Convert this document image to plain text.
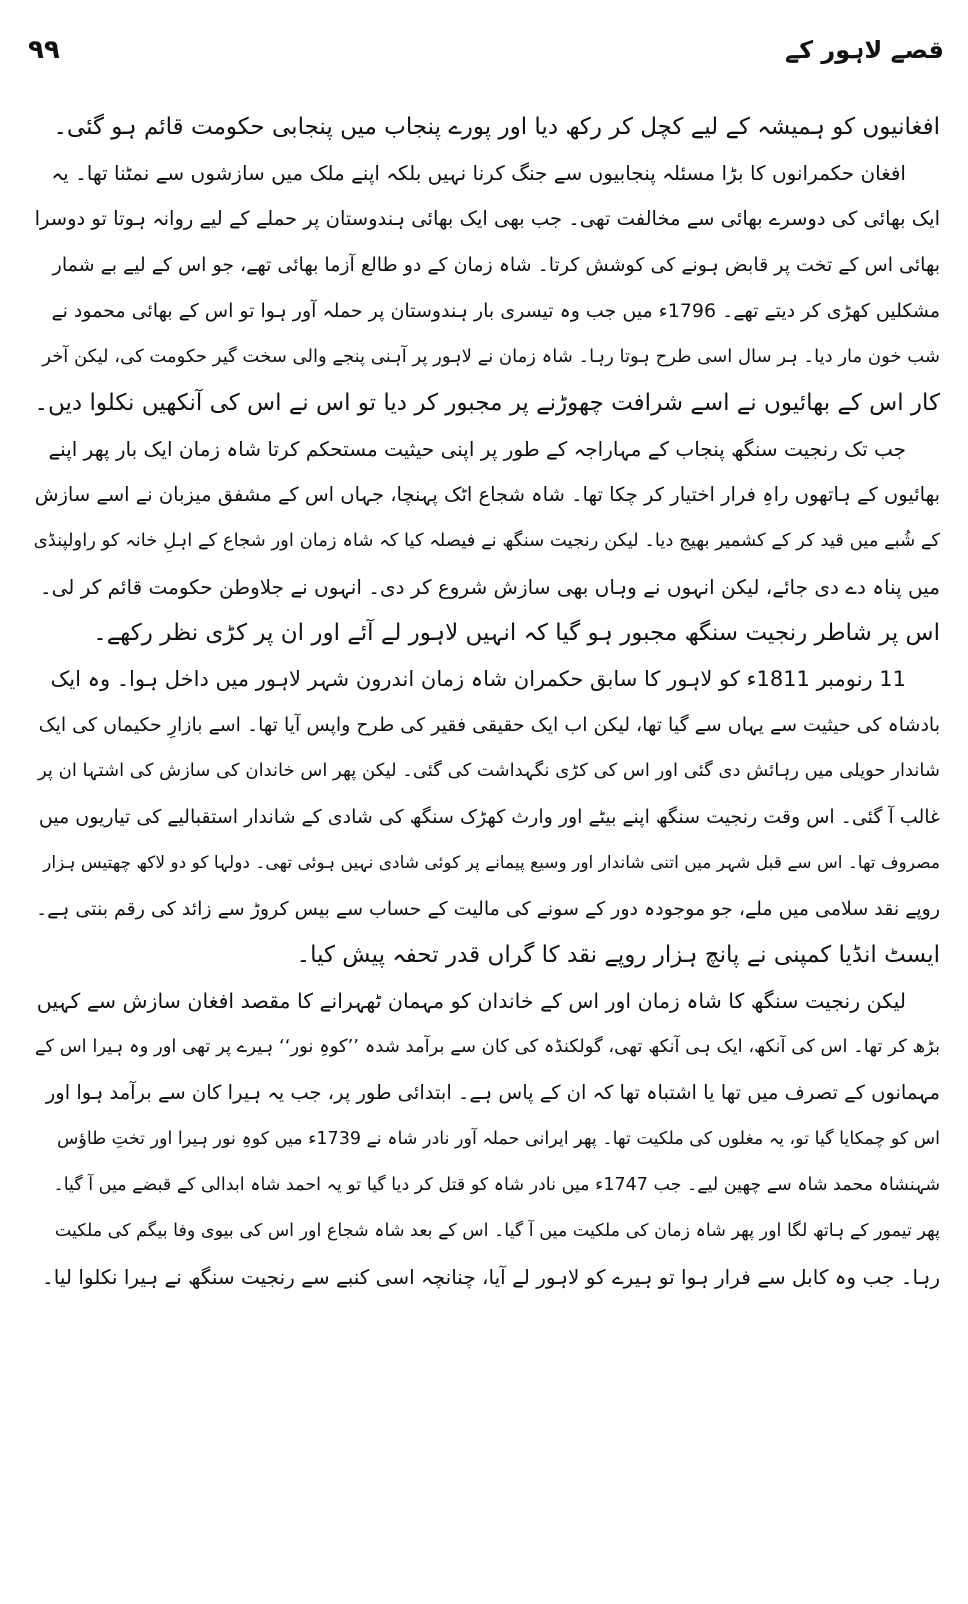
قصے لاہور کے
۹۹
افغانیوں کو ہمیشہ کے لیے کچل کر رکھ دیا اور پورے پنجاب میں پنجابی حکومت قائم ہو گئی۔
افغان حکمرانوں کا بڑا مسئلہ پنجابیوں سے جنگ کرنا نہیں بلکہ اپنے ملک میں سازشوں سے نمٹنا تھا۔ یہ
ایک بھائی کی دوسرے بھائی سے مخالفت تھی۔ جب بھی ایک بھائی ہندوستان پر حملے کے لیے روانہ ہوتا تو دوسرا
بھائی اس کے تخت پر قابض ہونے کی کوشش کرتا۔ شاہ زمان کے دو طالع آزما بھائی تھے، جو اس کے لیے بے شمار
مشکلیں کھڑی کر دیتے تھے۔ 1796ء میں جب وہ تیسری بار ہندوستان پر حملہ آور ہوا تو اس کے بھائی محمود نے
شب خون مار دیا۔ ہر سال اسی طرح ہوتا رہا۔ شاہ زمان نے لاہور پر آہنی پنجے والی سخت گیر حکومت کی، لیکن آخر
کار اس کے بھائیوں نے اسے شرافت چھوڑنے پر مجبور کر دیا تو اس نے اس کی آنکھیں نکلوا دیں۔
جب تک رنجیت سنگھ پنجاب کے مہاراجہ کے طور پر اپنی حیثیت مستحکم کرتا شاہ زمان ایک بار پھر اپنے
بھائیوں کے ہاتھوں راہِ فرار اختیار کر چکا تھا۔ شاہ شجاع اٹک پہنچا، جہاں اس کے مشفق میزبان نے اسے سازش
کے شُبے میں قید کر کے کشمیر بھیج دیا۔ لیکن رنجیت سنگھ نے فیصلہ کیا کہ شاہ زمان اور شجاع کے اہلِ خانہ کو راولپنڈی
میں پناہ دے دی جائے، لیکن انہوں نے وہاں بھی سازش شروع کر دی۔ انہوں نے جلاوطن حکومت قائم کر لی۔
اس پر شاطر رنجیت سنگھ مجبور ہو گیا کہ انہیں لاہور لے آئے اور ان پر کڑی نظر رکھے۔
11 رنومبر 1811ء کو لاہور کا سابق حکمران شاہ زمان اندرون شہر لاہور میں داخل ہوا۔ وہ ایک
بادشاہ کی حیثیت سے یہاں سے گیا تھا، لیکن اب ایک حقیقی فقیر کی طرح واپس آیا تھا۔ اسے بازارِ حکیماں کی ایک
شاندار حویلی میں رہائش دی گئی اور اس کی کڑی نگہداشت کی گئی۔ لیکن پھر اس خاندان کی سازش کی اشتہا ان پر
غالب آ گئی۔ اس وقت رنجیت سنگھ اپنے بیٹے اور وارث کھڑک سنگھ کی شادی کے شاندار استقبالیے کی تیاریوں میں
مصروف تھا۔ اس سے قبل شہر میں اتنی شاندار اور وسیع پیمانے پر کوئی شادی نہیں ہوئی تھی۔ دولہا کو دو لاکھ چھتیس ہزار
روپے نقد سلامی میں ملے، جو موجودہ دور کے سونے کی مالیت کے حساب سے بیس کروڑ سے زائد کی رقم بنتی ہے۔
ایسٹ انڈیا کمپنی نے پانچ ہزار روپے نقد کا گراں قدر تحفہ پیش کیا۔
لیکن رنجیت سنگھ کا شاہ زمان اور اس کے خاندان کو مہمان ٹھہرانے کا مقصد افغان سازش سے کہیں
بڑھ کر تھا۔ اس کی آنکھ، ایک ہی آنکھ تھی، گولکنڈہ کی کان سے برآمد شدہ ’’کوہِ نور‘‘ ہیرے پر تھی اور وہ ہیرا اس کے
مہمانوں کے تصرف میں تھا یا اشتباہ تھا کہ ان کے پاس ہے۔ ابتدائی طور پر، جب یہ ہیرا کان سے برآمد ہوا اور
اس کو چمکایا گیا تو، یہ مغلوں کی ملکیت تھا۔ پھر ایرانی حملہ آور نادر شاہ نے 1739ء میں کوہِ نور ہیرا اور تختِ طاؤس
شہنشاہ محمد شاہ سے چھین لیے۔ جب 1747ء میں نادر شاہ کو قتل کر دیا گیا تو یہ احمد شاہ ابدالی کے قبضے میں آ گیا۔
پھر تیمور کے ہاتھ لگا اور پھر شاہ زمان کی ملکیت میں آ گیا۔ اس کے بعد شاہ شجاع اور اس کی بیوی وفا بیگم کی ملکیت
رہا۔ جب وہ کابل سے فرار ہوا تو ہیرے کو لاہور لے آیا، چنانچہ اسی کنبے سے رنجیت سنگھ نے ہیرا نکلوا لیا۔
